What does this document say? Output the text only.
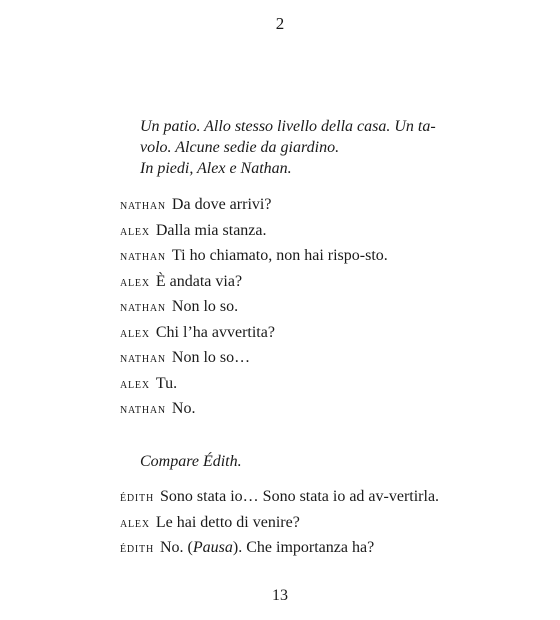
2

Un patio. Allo stesso livello della casa. Un ta-

volo. Alcune sedie da giardino.

In piedi, Alex e Nathan.

nathan Da dove arrivi?

alex Dalla mia stanza.

nathan Ti ho chiamato, non hai rispo-sto.

alex È andata via?

nathan Non lo so.

alex Chi l’ha avvertita?

nathan Non lo so…

alex Tu.

nathan No.

Compare Édith.

édith Sono stata io… Sono stata io ad av-vertirla.

alex Le hai detto di venire?

édith No. (Pausa). Che importanza ha?

13
